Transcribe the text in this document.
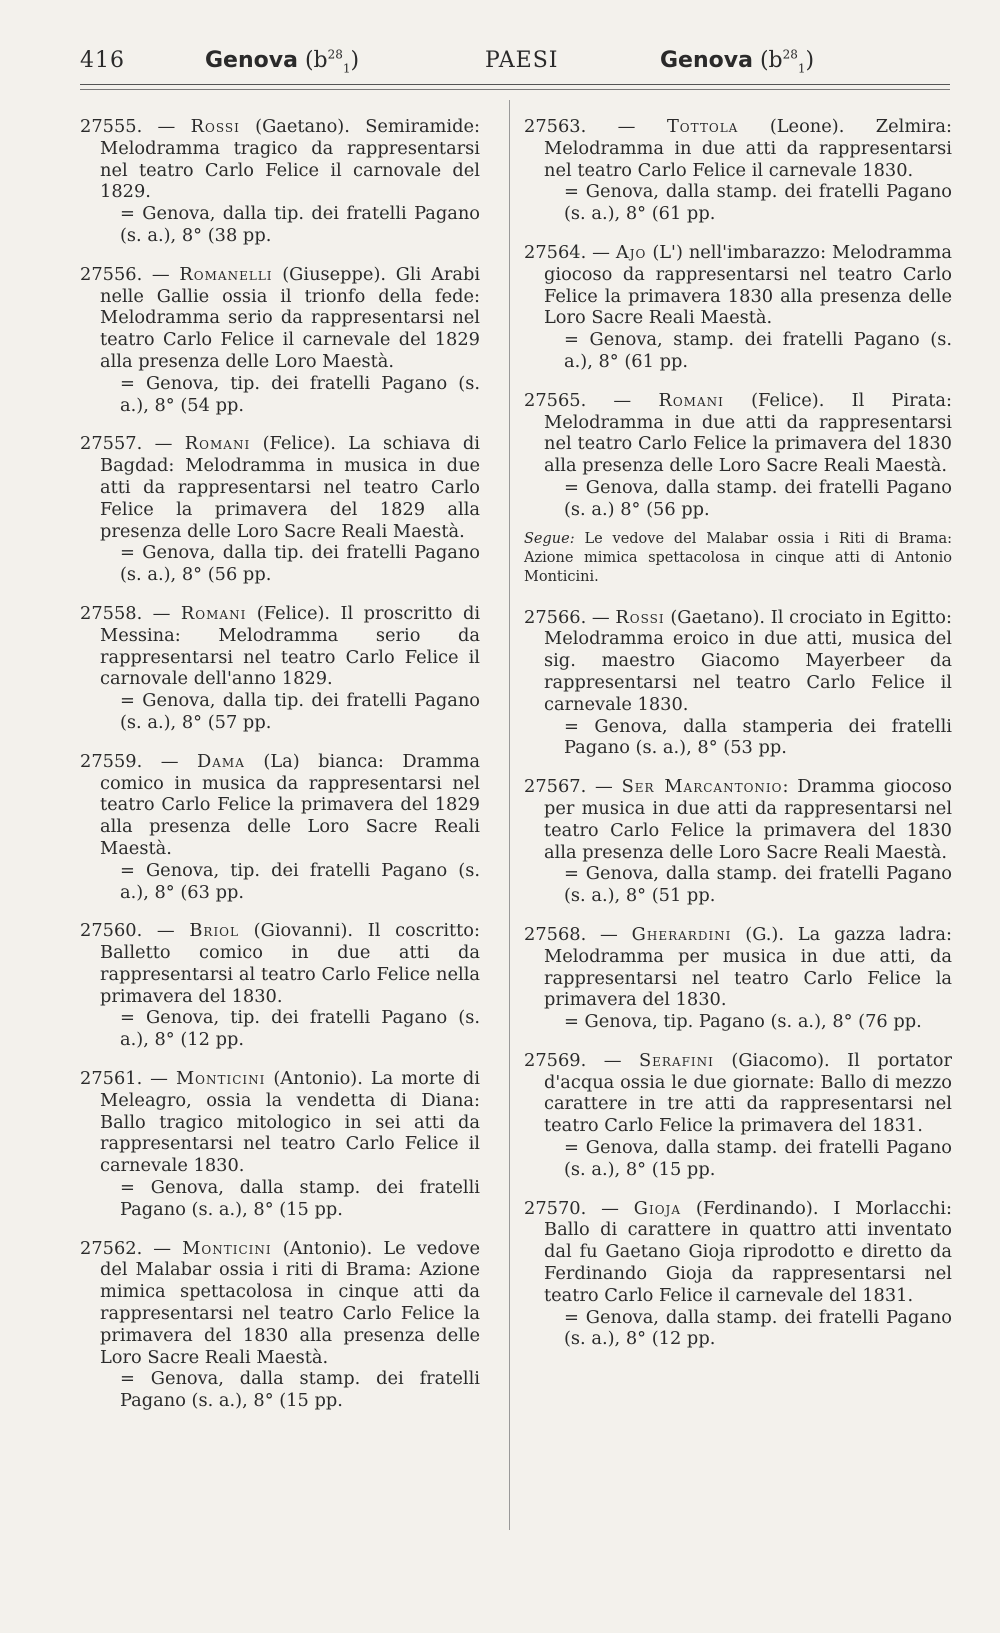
416	Genova $(b^{28}_1)$	PAESI	Genova $(b^{28}_1)$
27555. — Rossi (Gaetano). Semiramide: Melodramma tragico da rappresentarsi nel teatro Carlo Felice il carnovale del 1829.
= Genova, dalla tip. dei fratelli Pagano (s. a.), 8° (38 pp.
27556. — Romanelli (Giuseppe). Gli Arabi nelle Gallie ossia il trionfo della fede: Melodramma serio da rappresentarsi nel teatro Carlo Felice il carnevale del 1829 alla presenza delle Loro Maestà.
= Genova, tip. dei fratelli Pagano (s. a.), 8° (54 pp.
27557. — Romani (Felice). La schiava di Bagdad: Melodramma in musica in due atti da rappresentarsi nel teatro Carlo Felice la primavera del 1829 alla presenza delle Loro Sacre Reali Maestà.
= Genova, dalla tip. dei fratelli Pagano (s. a.), 8° (56 pp.
27558. — Romani (Felice). Il proscritto di Messina: Melodramma serio da rappresentarsi nel teatro Carlo Felice il carnovale dell'anno 1829.
= Genova, dalla tip. dei fratelli Pagano (s. a.), 8° (57 pp.
27559. — Dama (La) bianca: Dramma comico in musica da rappresentarsi nel teatro Carlo Felice la primavera del 1829 alla presenza delle Loro Sacre Reali Maestà.
= Genova, tip. dei fratelli Pagano (s. a.), 8° (63 pp.
27560. — Briol (Giovanni). Il coscritto: Balletto comico in due atti da rappresentarsi al teatro Carlo Felice nella primavera del 1830.
= Genova, tip. dei fratelli Pagano (s. a.), 8° (12 pp.
27561. — Monticini (Antonio). La morte di Meleagro, ossia la vendetta di Diana: Ballo tragico mitologico in sei atti da rappresentarsi nel teatro Carlo Felice il carnevale 1830.
= Genova, dalla stamp. dei fratelli Pagano (s. a.), 8° (15 pp.
27562. — Monticini (Antonio). Le vedove del Malabar ossia i riti di Brama: Azione mimica spettacolosa in cinque atti da rappresentarsi nel teatro Carlo Felice la primavera del 1830 alla presenza delle Loro Sacre Reali Maestà.
= Genova, dalla stamp. dei fratelli Pagano (s. a.), 8° (15 pp.
27563. — Tottola (Leone). Zelmira: Melodramma in due atti da rappresentarsi nel teatro Carlo Felice il carnevale 1830.
= Genova, dalla stamp. dei fratelli Pagano (s. a.), 8° (61 pp.
27564. — Ajo (L') nell'imbarazzo: Melodramma giocoso da rappresentarsi nel teatro Carlo Felice la primavera 1830 alla presenza delle Loro Sacre Reali Maestà.
= Genova, stamp. dei fratelli Pagano (s. a.), 8° (61 pp.
27565. — Romani (Felice). Il Pirata: Melodramma in due atti da rappresentarsi nel teatro Carlo Felice la primavera del 1830 alla presenza delle Loro Sacre Reali Maestà.
= Genova, dalla stamp. dei fratelli Pagano (s. a.) 8° (56 pp.
Segue: Le vedove del Malabar ossia i Riti di Brama: Azione mimica spettacolosa in cinque atti di Antonio Monticini.
27566. — Rossi (Gaetano). Il crociato in Egitto: Melodramma eroico in due atti, musica del sig. maestro Giacomo Mayerbeer da rappresentarsi nel teatro Carlo Felice il carnevale 1830.
= Genova, dalla stamperia dei fratelli Pagano (s. a.), 8° (53 pp.
27567. — Ser Marcantonio: Dramma giocoso per musica in due atti da rappresentarsi nel teatro Carlo Felice la primavera del 1830 alla presenza delle Loro Sacre Reali Maestà.
= Genova, dalla stamp. dei fratelli Pagano (s. a.), 8° (51 pp.
27568. — Gherardini (G.). La gazza ladra: Melodramma per musica in due atti, da rappresentarsi nel teatro Carlo Felice la primavera del 1830.
= Genova, tip. Pagano (s. a.), 8° (76 pp.
27569. — Serafini (Giacomo). Il portator d'acqua ossia le due giornate: Ballo di mezzo carattere in tre atti da rappresentarsi nel teatro Carlo Felice la primavera del 1831.
= Genova, dalla stamp. dei fratelli Pagano (s. a.), 8° (15 pp.
27570. — Gioja (Ferdinando). I Morlacchi: Ballo di carattere in quattro atti inventato dal fu Gaetano Gioja riprodotto e diretto da Ferdinando Gioja da rappresentarsi nel teatro Carlo Felice il carnevale del 1831.
= Genova, dalla stamp. dei fratelli Pagano (s. a.), 8° (12 pp.
